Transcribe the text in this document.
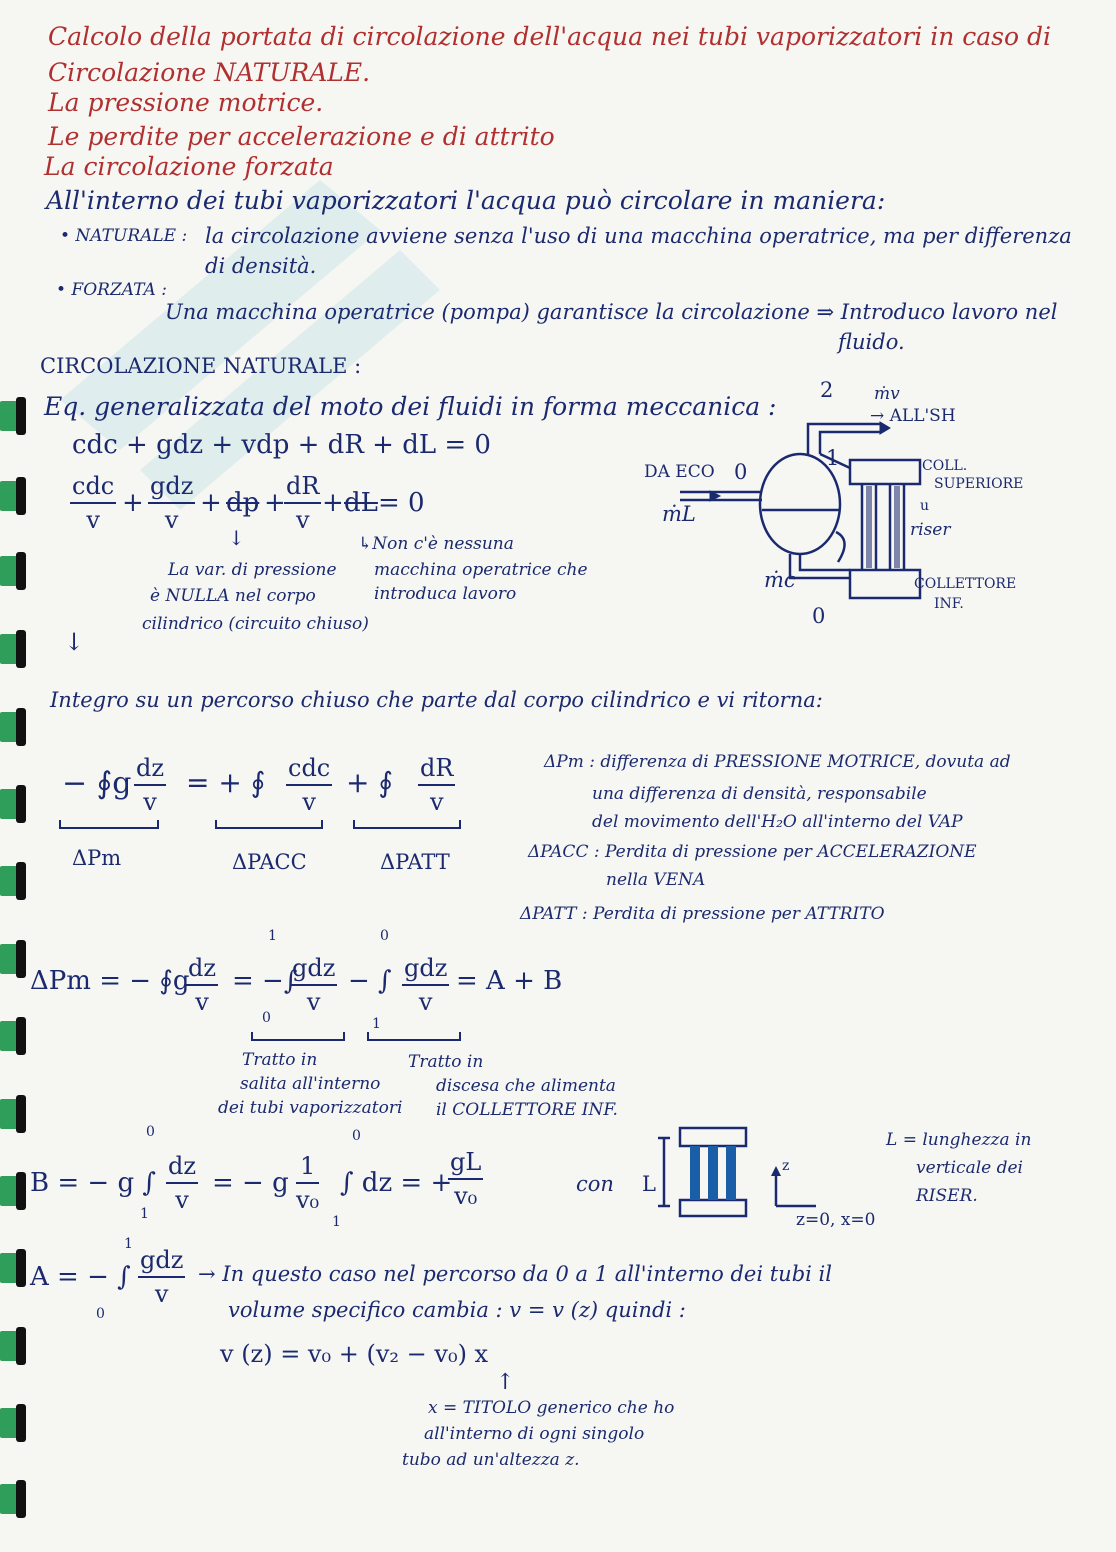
Calcolo della portata di circolazione dell'acqua nei tubi vaporizzatori in caso di
Circolazione NATURALE.
La pressione motrice.
Le perdite per accelerazione e di attrito
La circolazione forzata
All'interno dei tubi vaporizzatori l'acqua può circolare in maniera:
• NATURALE : la circolazione avviene senza l'uso di una macchina operatrice, ma per differenza
di densità.
• FORZATA :
Una macchina operatrice (pompa) garantisce la circolazione ⇒ Introduco lavoro nel
fluido.
CIRCOLAZIONE NATURALE :
Eq. generalizzata del moto dei fluidi in forma meccanica :
cdc + gdz + vdp + dR + dL = 0
cdc
v
+
gdz
v
+ dp +
dR
v
+ dL = 0
↓
La var. di pressione
è NULLA nel corpo
cilindrico (circuito chiuso)
↳Non c'è nessuna
macchina operatrice che
introduca lavoro
↓
2 ṁv
→ ALL'SH
1
DA ECO 0
ṁL
COLL.
SUPERIORE
u
riser
ṁc	COLLETTORE
INF.
0
Integro su un percorso chiuso che parte dal corpo cilindrico e vi ritorna:
− ∮g dz
v
= + ∮ cdc
v
+ ∮ dR
v
ΔPm	ΔPACC	ΔPATT
ΔPm : differenza di PRESSIONE MOTRICE, dovuta ad
una differenza di densità, responsabile
del movimento dell'H₂O all'interno del VAP
ΔPACC : Perdita di pressione per ACCELERAZIONE
nella VENA
ΔPATT : Perdita di pressione per ATTRITO
ΔPm = − ∮g
dz
v
= −∫
1
0
gdz
v
− ∫
0
1
gdz
v
= A + B
Tratto in
salita all'interno
dei tubi vaporizzatori
Tratto in
discesa che alimenta
il COLLETTORE INF.
B = − g ∫
0
1
dz
v
= − g
1
v₀
0
1
∫ dz = +
gL
v₀	con L
z
z=0, x=0
L = lunghezza in
verticale dei
RISER.
A = − ∫
1
0
gdz
v
→ In questo caso nel percorso da 0 a 1 all'interno dei tubi il
volume specifico cambia : v = v (z) quindi :
v (z) = v₀ + (v₂ − v₀) x
↑
x = TITOLO generico che ho
all'interno di ogni singolo
tubo ad un'altezza z.
